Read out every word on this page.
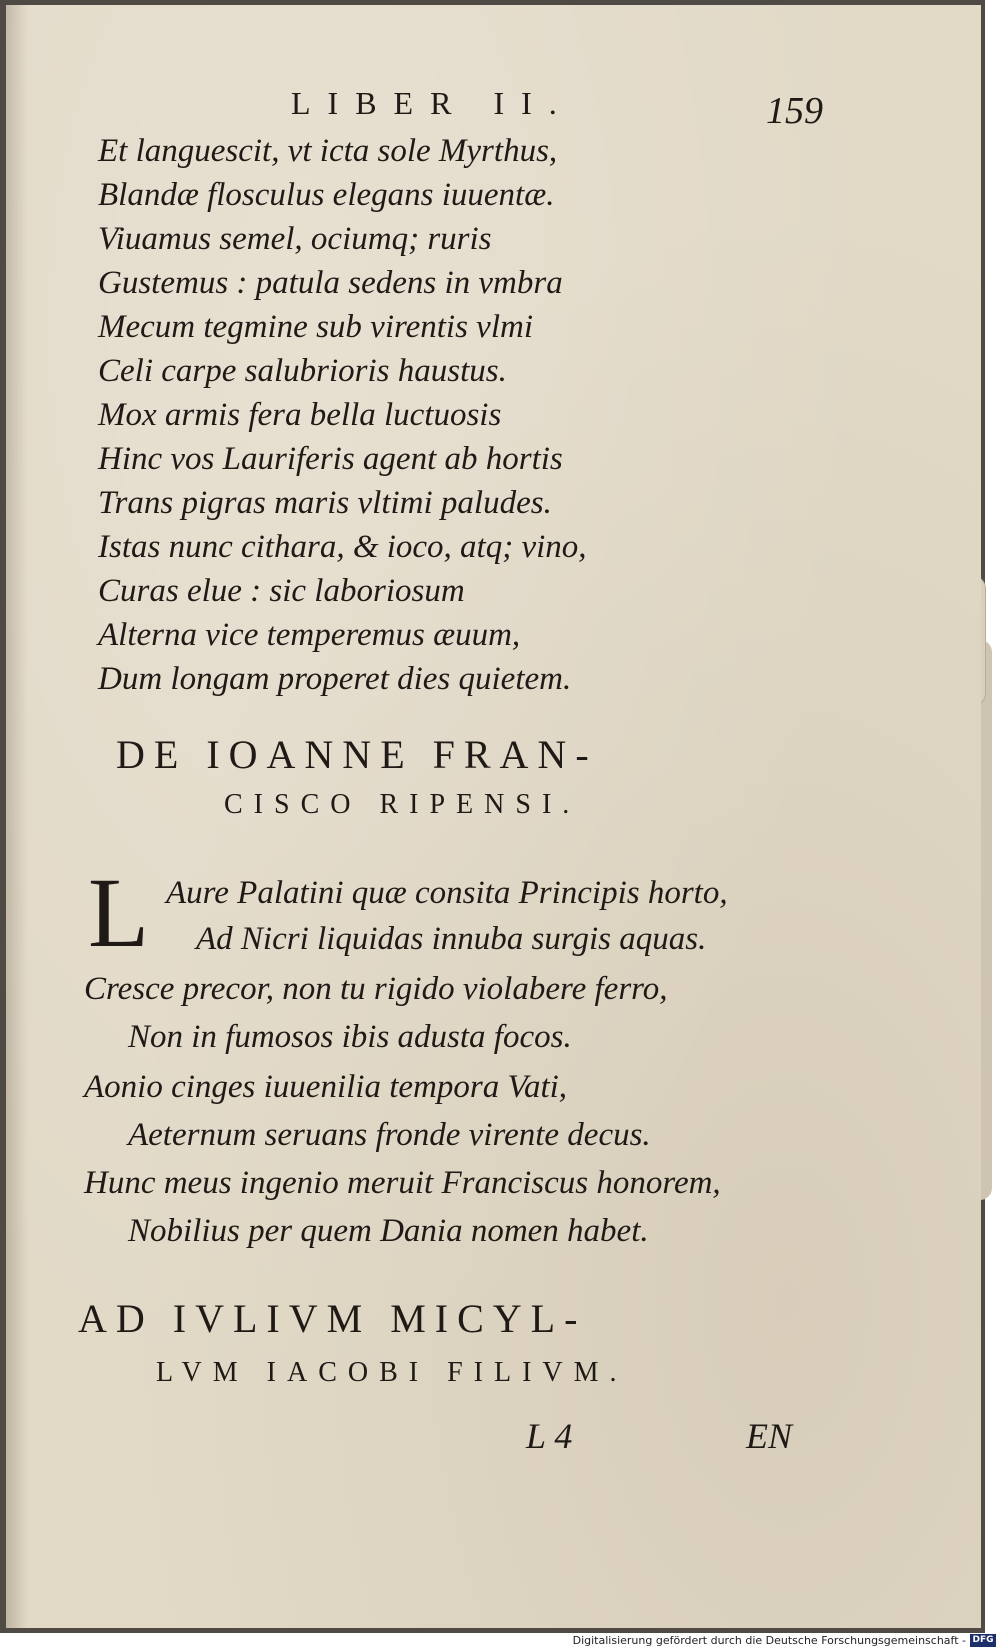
LIBER II.	159
Et languescit, vt icta sole Myrthus,
Blandæ flosculus elegans iuuentæ.
Viuamus semel, ociumq; ruris
Gustemus : patula sedens in vmbra
Mecum tegmine sub virentis vlmi
Celi carpe salubrioris haustus.
Mox armis fera bella luctuosis
Hinc vos Lauriferis agent ab hortis
Trans pigras maris vltimi paludes.
Istas nunc cithara, & ioco, atq; vino,
Curas elue : sic laboriosum
Alterna vice temperemus æuum,
Dum longam properet dies quietem.
DE IOANNE FRAN-
CISCO RIPENSI.
L Aure Palatini quæ consita Principis horto,
Ad Nicri liquidas innuba surgis aquas.
Cresce precor, non tu rigido violabere ferro,
Non in fumosos ibis adusta focos.
Aonio cinges iuuenilia tempora Vati,
Aeternum seruans fronde virente decus.
Hunc meus ingenio meruit Franciscus honorem,
Nobilius per quem Dania nomen habet.
AD IVLIVM MICYL-
LVM IACOBI FILIVM.
L 4	EN
Digitalisierung gefördert durch die Deutsche Forschungsgemeinschaft - DFG
